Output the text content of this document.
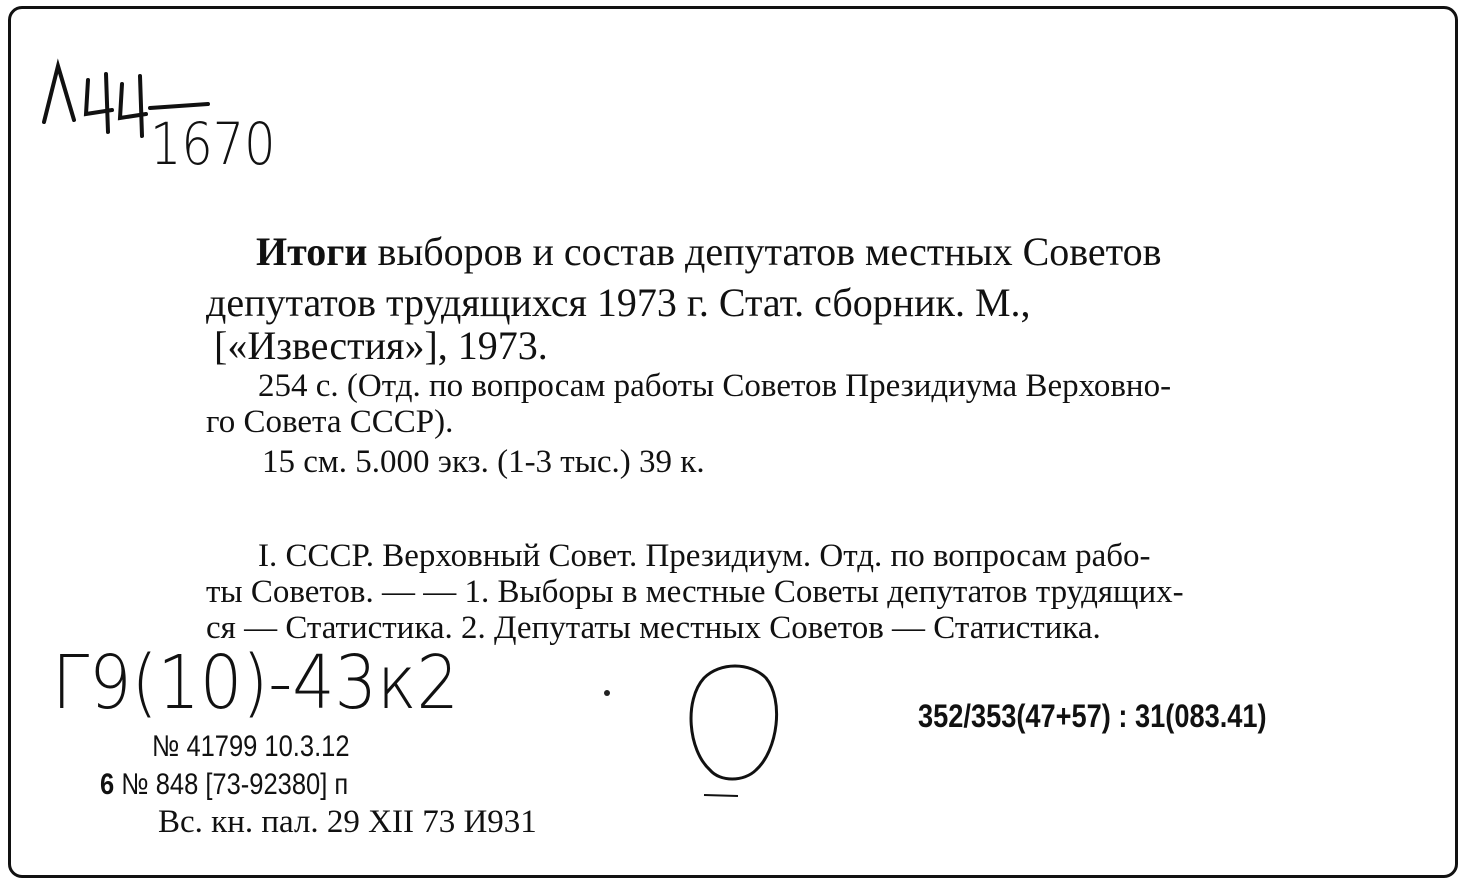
1670
Итоги выборов и состав депутатов местных Советов
депутатов трудящихся 1973 г. Стат. сборник. М.,
[«Известия»], 1973.
254 с. (Отд. по вопросам работы Советов Президиума Верховно-
го Совета СССР).
15 см. 5.000 экз. (1-3 тыс.) 39 к.
I. СССР. Верховный Совет. Президиум. Отд. по вопросам рабо-
ты Советов. — — 1. Выборы в местные Советы депутатов трудящих-
ся — Статистика. 2. Депутаты местных Советов — Статистика.
Г9(10)-43к2	352/353(47+57) : 31(083.41)
№ 41799 10.3.12
6 № 848 [73-92380] п
Вс. кн. пал. 29 XII 73 И931
